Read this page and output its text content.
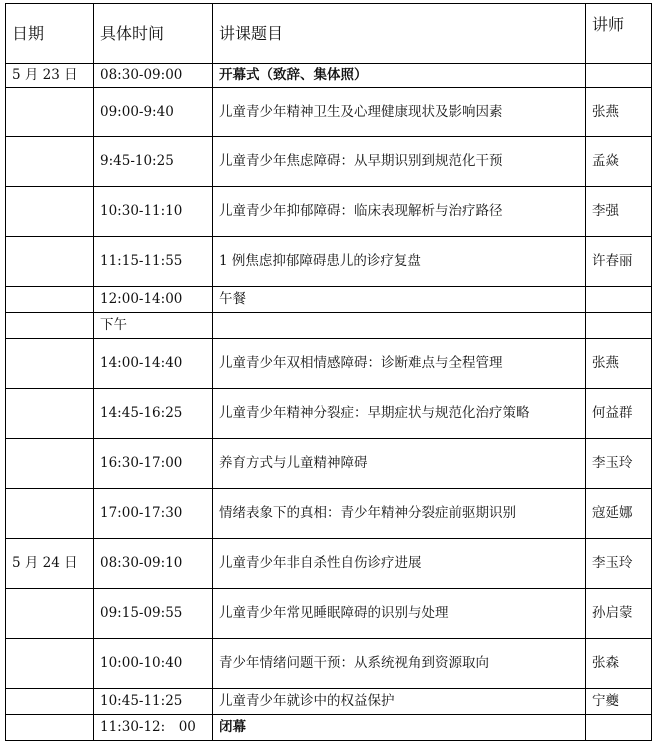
日期	具体时间	讲课题目	讲师
5 月 23 日	08:30-09:00	开幕式（致辞、集体照）	
	09:00-9:40	儿童青少年精神卫生及心理健康现状及影响因素	张燕
	9:45-10:25	儿童青少年焦虑障碍：从早期识别到规范化干预	孟焱
	10:30-11:10	儿童青少年抑郁障碍：临床表现解析与治疗路径	李强
	11:15-11:55	1 例焦虑抑郁障碍患儿的诊疗复盘	许春丽
	12:00-14:00	午餐	
	下午		
	14:00-14:40	儿童青少年双相情感障碍：诊断难点与全程管理	张燕
	14:45-16:25	儿童青少年精神分裂症：早期症状与规范化治疗策略	何益群
	16:30-17:00	养育方式与儿童精神障碍	李玉玲
	17:00-17:30	情绪表象下的真相：青少年精神分裂症前驱期识别	寇延娜
5 月 24 日	08:30-09:10	儿童青少年非自杀性自伤诊疗进展	李玉玲
	09:15-09:55	儿童青少年常见睡眠障碍的识别与处理	孙启蒙
	10:00-10:40	青少年情绪问题干预：从系统视角到资源取向	张森
	10:45-11:25	儿童青少年就诊中的权益保护	宁夔
	11:30-12:　00	闭幕	
